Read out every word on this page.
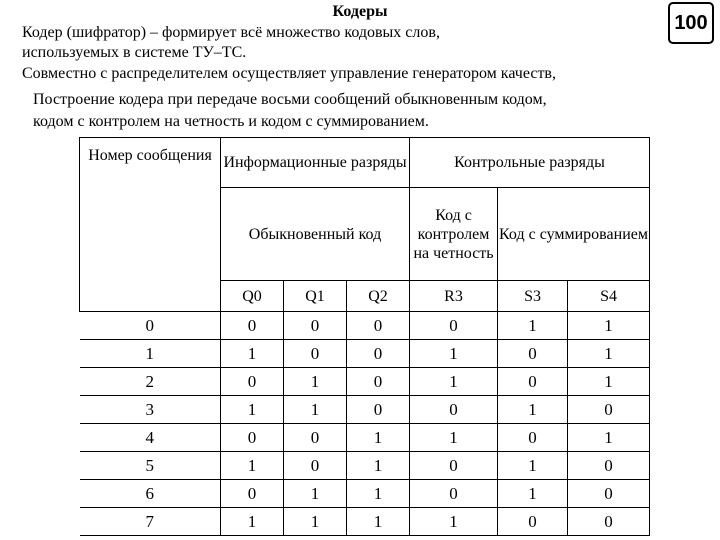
Кодеры	100
Кодер (шифратор) – формирует всё множество кодовых слов,
используемых в системе ТУ–ТС.
Совместно с распределителем осуществляет управление генератором качеств,
Построение кодера при передаче восьми сообщений обыкновенным кодом,
кодом с контролем на четность и кодом с суммированием.
Номер сообщения	Информационные разряды			Контрольные разряды		
	Обыкновенный код			Код с контролем на четность	Код с суммированием	
	Q0	Q1	Q2	R3	S3	S4
0	0	0	0	0	1	1
1	1	0	0	1	0	1
2	0	1	0	1	0	1
3	1	1	0	0	1	0
4	0	0	1	1	0	1
5	1	0	1	0	1	0
6	0	1	1	0	1	0
7	1	1	1	1	0	0
